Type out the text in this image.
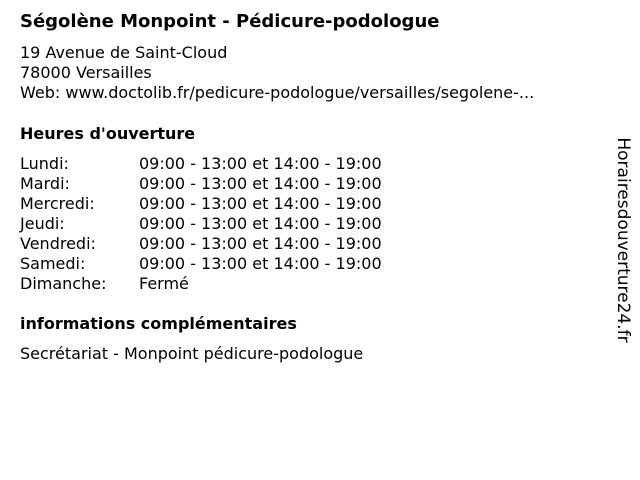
Ségolène Monpoint - Pédicure-podologue
19 Avenue de Saint-Cloud
78000 Versailles
Web: www.doctolib.fr/pedicure-podologue/versailles/segolene-...
Heures d'ouverture
Lundi:	09:00 - 13:00 et 14:00 - 19:00
Mardi:	09:00 - 13:00 et 14:00 - 19:00
Mercredi:	09:00 - 13:00 et 14:00 - 19:00
Jeudi:	09:00 - 13:00 et 14:00 - 19:00
Vendredi:	09:00 - 13:00 et 14:00 - 19:00
Samedi:	09:00 - 13:00 et 14:00 - 19:00
Dimanche:	Fermé
informations complémentaires
Secrétariat - Monpoint pédicure-podologue
Horairesdouverture24.fr
